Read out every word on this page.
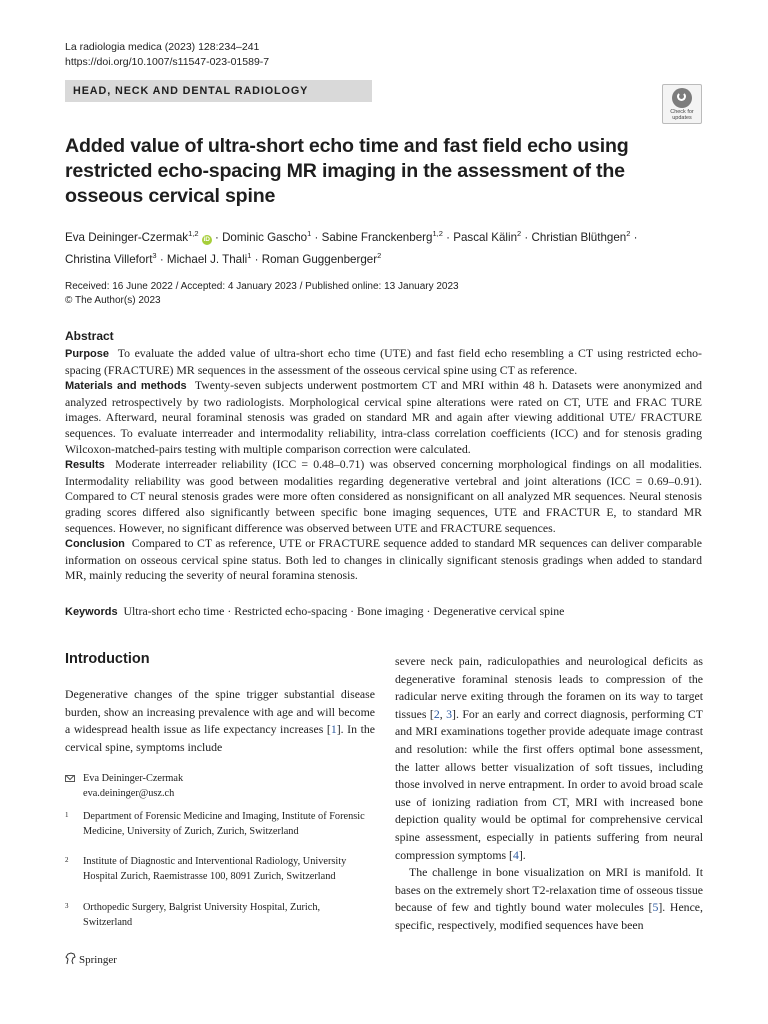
La radiologia medica (2023) 128:234–241
https://doi.org/10.1007/s11547-023-01589-7
HEAD, NECK AND DENTAL RADIOLOGY
Check for
updates
Added value of ultra-short echo time and fast field echo using restricted echo-spacing MR imaging in the assessment of the osseous cervical spine
Eva Deininger-Czermak$^{1,2}$ iD · Dominic Gascho$^1$ · Sabine Franckenberg$^{1,2}$ · Pascal Kälin$^2$ · Christian Blüthgen$^2$ ·
Christina Villefort$^3$ · Michael J. Thali$^1$ · Roman Guggenberger$^2$
Received: 16 June 2022 / Accepted: 4 January 2023 / Published online: 13 January 2023
© The Author(s) 2023
Abstract

Purpose To evaluate the added value of ultra-short echo time (UTE) and fast field echo resembling a CT using restricted echo-spacing (FRACTURE) MR sequences in the assessment of the osseous cervical spine using CT as reference.

Materials and methods Twenty-seven subjects underwent postmortem CT and MRI within 48 h. Datasets were anonymized and analyzed retrospectively by two radiologists. Morphological cervical spine alterations were rated on CT, UTE and FRAC TURE images. Afterward, neural foraminal stenosis was graded on standard MR and again after viewing additional UTE/ FRACTURE sequences. To evaluate interreader and intermodality reliability, intra-class correlation coefficients (ICC) and for stenosis grading Wilcoxon-matched-pairs testing with multiple comparison correction were calculated.

Results Moderate interreader reliability (ICC = 0.48–0.71) was observed concerning morphological findings on all modalities. Intermodality reliability was good between modalities regarding degenerative vertebral and joint alterations (ICC = 0.69–0.91). Compared to CT neural stenosis grades were more often considered as nonsignificant on all analyzed MR sequences. Neural stenosis grading scores differed also significantly between specific bone imaging sequences, UTE and FRACTUR E, to standard MR sequences. However, no significant difference was observed between UTE and FRACTURE sequences.

Conclusion Compared to CT as reference, UTE or FRACTURE sequence added to standard MR sequences can deliver comparable information on osseous cervical spine status. Both led to changes in clinically significant stenosis gradings when added to standard MR, mainly reducing the severity of neural foramina stenosis.

Keywords Ultra-short echo time · Restricted echo-spacing · Bone imaging · Degenerative cervical spine
Introduction

Degenerative changes of the spine trigger substantial disease burden, show an increasing prevalence with age and will become a widespread health issue as life expectancy increases [1]. In the cervical spine, symptoms include

Eva Deininger-Czermak
eva.deininger@usz.ch
1 Department of Forensic Medicine and Imaging, Institute of Forensic Medicine, University of Zurich, Zurich, Switzerland
2 Institute of Diagnostic and Interventional Radiology, University Hospital Zurich, Raemistrasse 100, 8091 Zurich, Switzerland
3 Orthopedic Surgery, Balgrist University Hospital, Zurich, Switzerland
Springer

severe neck pain, radiculopathies and neurological deficits as degenerative foraminal stenosis leads to compression of the radicular nerve exiting through the foramen on its way to target tissues [2, 3]. For an early and correct diagnosis, performing CT and MRI examinations together provide adequate image contrast and resolution: while the first offers optimal bone assessment, the latter allows better visualization of soft tissues, including those involved in nerve entrapment. In order to avoid broad scale use of ionizing radiation from CT, MRI with increased bone depiction quality would be optimal for comprehensive cervical spine assessment, especially in patients suffering from neural compression symptoms [4].

The challenge in bone visualization on MRI is manifold. It bases on the extremely short T2-relaxation time of osseous tissue because of few and tightly bound water molecules [5]. Hence, specific, respectively, modified sequences have been
